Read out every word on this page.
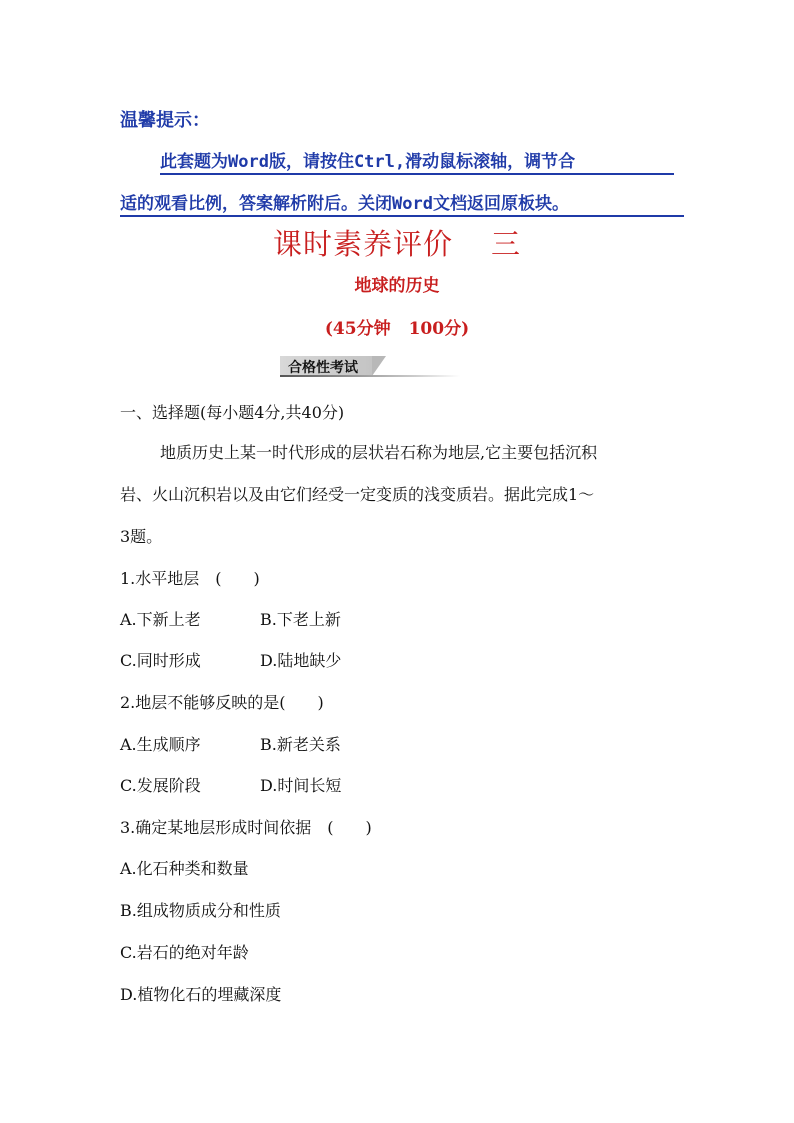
温馨提示：
此套题为Word版，请按住Ctrl,滑动鼠标滚轴，调节合
适的观看比例，答案解析附后。关闭Word文档返回原板块。
课时素养评价 三
地球的历史
(45分钟 100分)
合格性考试
一、选择题(每小题4分,共40分)
地质历史上某一时代形成的层状岩石称为地层,它主要包括沉积
岩、火山沉积岩以及由它们经受一定变质的浅变质岩。据此完成1～
3题。
1.水平地层　(　　)
A.下新上老	B.下老上新
C.同时形成	D.陆地缺少
2.地层不能够反映的是(　　)
A.生成顺序	B.新老关系
C.发展阶段	D.时间长短
3.确定某地层形成时间依据　(　　)
A.化石种类和数量
B.组成物质成分和性质
C.岩石的绝对年龄
D.植物化石的埋藏深度
